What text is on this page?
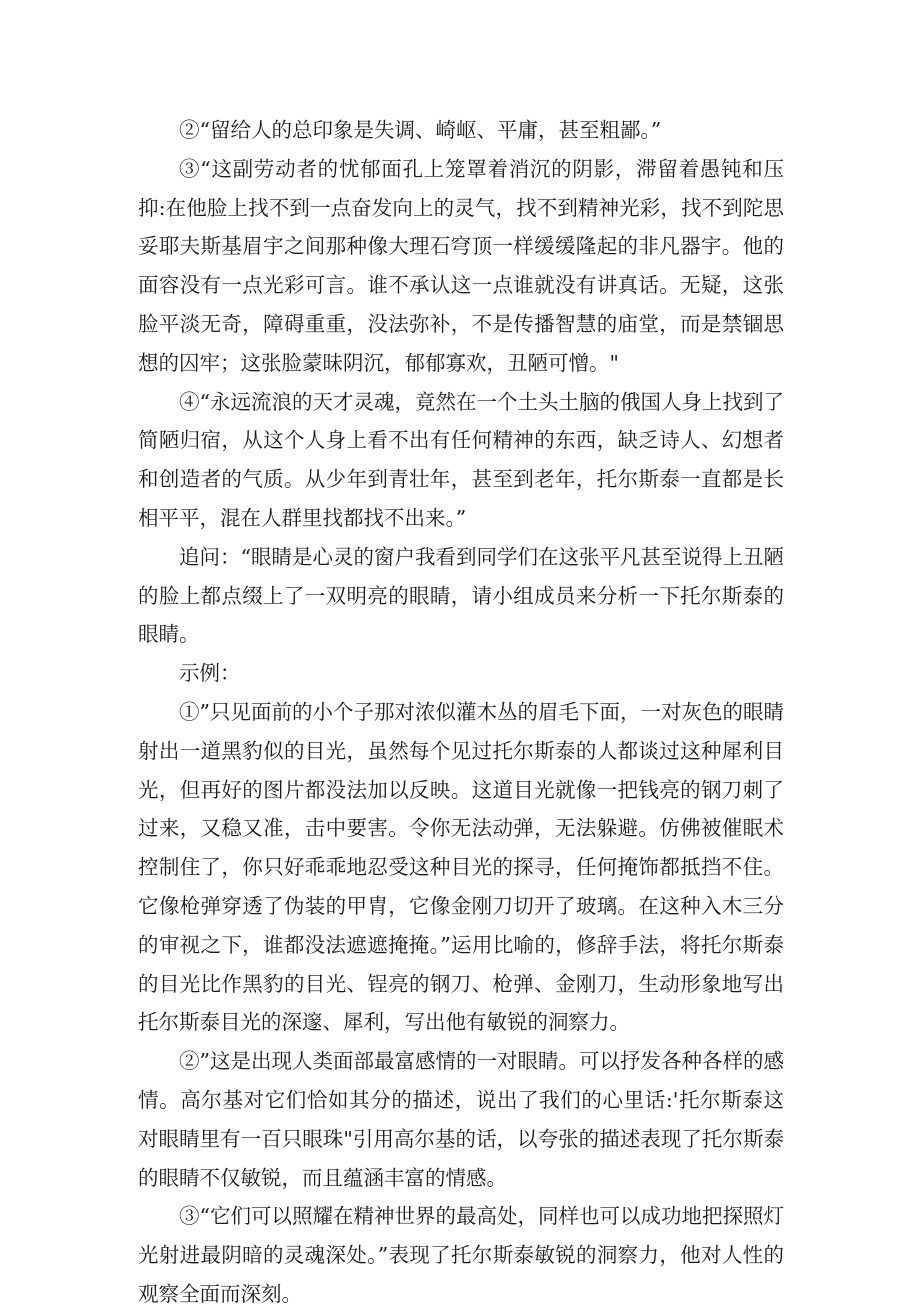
②“留给人的总印象是失调、崎岖、平庸，甚至粗鄙。”

③“这副劳动者的忧郁面孔上笼罩着消沉的阴影，滞留着愚钝和压抑:在他脸上找不到一点奋发向上的灵气，找不到精神光彩，找不到陀思妥耶夫斯基眉宇之间那种像大理石穹顶一样缓缓隆起的非凡器宇。他的面容没有一点光彩可言。谁不承认这一点谁就没有讲真话。无疑，这张脸平淡无奇，障碍重重，没法弥补，不是传播智慧的庙堂，而是禁锢思想的囚牢；这张脸蒙昧阴沉，郁郁寡欢，丑陋可憎。"

④“永远流浪的天才灵魂，竟然在一个土头土脑的俄国人身上找到了简陋归宿，从这个人身上看不出有任何精神的东西，缺乏诗人、幻想者和创造者的气质。从少年到青壮年，甚至到老年，托尔斯泰一直都是长相平平，混在人群里找都找不出来。”

追问：“眼睛是心灵的窗户我看到同学们在这张平凡甚至说得上丑陋的脸上都点缀上了一双明亮的眼睛，请小组成员来分析一下托尔斯泰的眼睛。

示例：

①”只见面前的小个子那对浓似灌木丛的眉毛下面，一对灰色的眼睛射出一道黑豹似的目光，虽然每个见过托尔斯泰的人都谈过这种犀利目光，但再好的图片都没法加以反映。这道目光就像一把钱亮的钢刀刺了过来，又稳又准，击中要害。令你无法动弹，无法躲避。仿佛被催眠术控制住了，你只好乖乖地忍受这种目光的探寻，任何掩饰都抵挡不住。它像枪弹穿透了伪装的甲胄，它像金刚刀切开了玻璃。在这种入木三分的审视之下，谁都没法遮遮掩掩。”运用比喻的，修辞手法，将托尔斯泰的目光比作黑豹的目光、锃亮的钢刀、枪弹、金刚刀，生动形象地写出托尔斯泰目光的深邃、犀利，写出他有敏锐的洞察力。

②”这是出现人类面部最富感情的一对眼睛。可以抒发各种各样的感情。高尔基对它们恰如其分的描述，说出了我们的心里话:'托尔斯泰这对眼睛里有一百只眼珠"引用高尔基的话，以夸张的描述表现了托尔斯泰的眼睛不仅敏锐，而且蕴涵丰富的情感。

③“它们可以照耀在精神世界的最高处，同样也可以成功地把探照灯光射进最阴暗的灵魂深处。”表现了托尔斯泰敏锐的洞察力，他对人性的观察全面而深刻。
